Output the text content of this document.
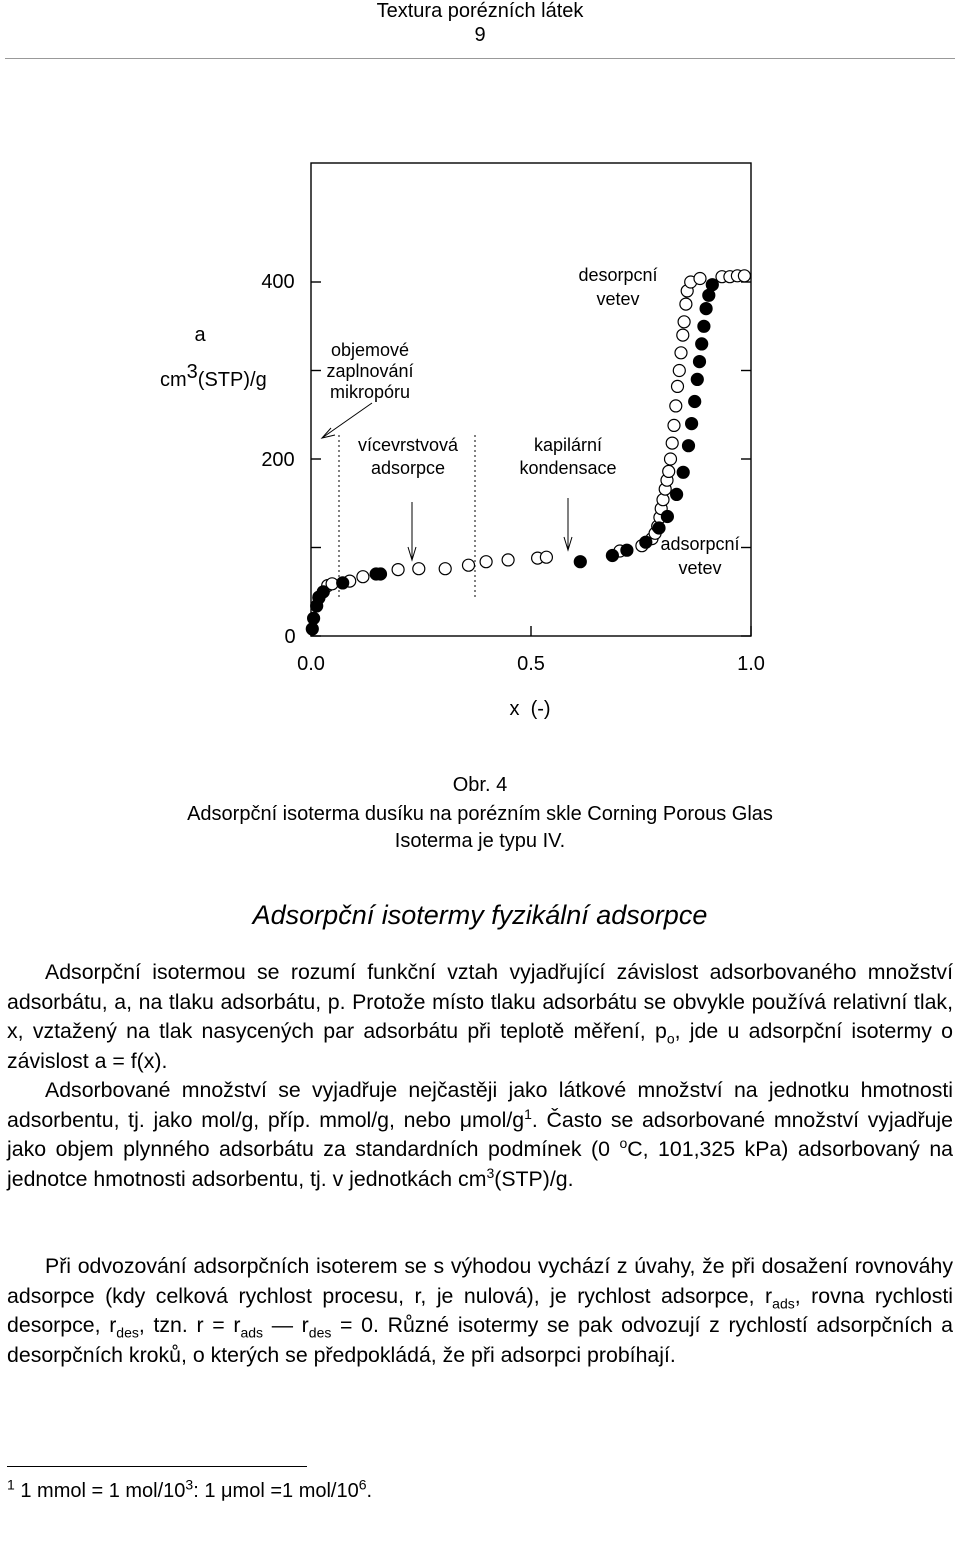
Textura porézních látek
9
400
200
0
0.0	0.5	1.0
x  (-)
a
$cm^3(STP)/g$
desorpcní
vetev
adsorpcní
vetev
objemové
zaplnování
mikropóru
vícevrstvová
adsorpce
kapilární
kondensace
Obr. 4
Adsorpční isoterma dusíku na porézním skle Corning Porous Glas
Isoterma je typu IV.
Adsorpční isotermy fyzikální adsorpce

Adsorpční isotermou se rozumí funkční vztah vyjadřující závislost adsorbovaného množství adsorbátu, a, na tlaku adsorbátu, p. Protože místo tlaku adsorbátu se obvykle používá relativní tlak, x, vztažený na tlak nasycených par adsorbátu při teplotě měření, $p_o$, jde u adsorpční isotermy o závislost a = f(x).

Adsorbované množství se vyjadřuje nejčastěji jako látkové množství na jednotku hmotnosti adsorbentu, tj. jako mol/g, příp. mmol/g, nebo μmol/$g^1$. Často se adsorbované množství vyjadřuje jako objem plynného adsorbátu za standardních podmínek (0 $^o$C, 101,325 kPa) adsorbovaný na jednotce hmotnosti adsorbentu, tj. v jednotkách $cm^3(STP)/g$.

Při odvozování adsorpčních isoterem se s výhodou vychází z úvahy, že při dosažení rovnováhy adsorpce (kdy celková rychlost procesu, r, je nulová), je rychlost adsorpce, $r_{ads}$, rovna rychlosti desorpce, $r_{des}$, tzn. $r = r_{ads}$ — $r_{des} = 0$. Různé isotermy se pak odvozují z rychlostí adsorpčních a desorpčních kroků, o kterých se předpokládá, že při adsorpci probíhají.

$^1$ 1 mmol = 1 mol/$10^3$: 1 μmol =1 mol/$10^6$.
